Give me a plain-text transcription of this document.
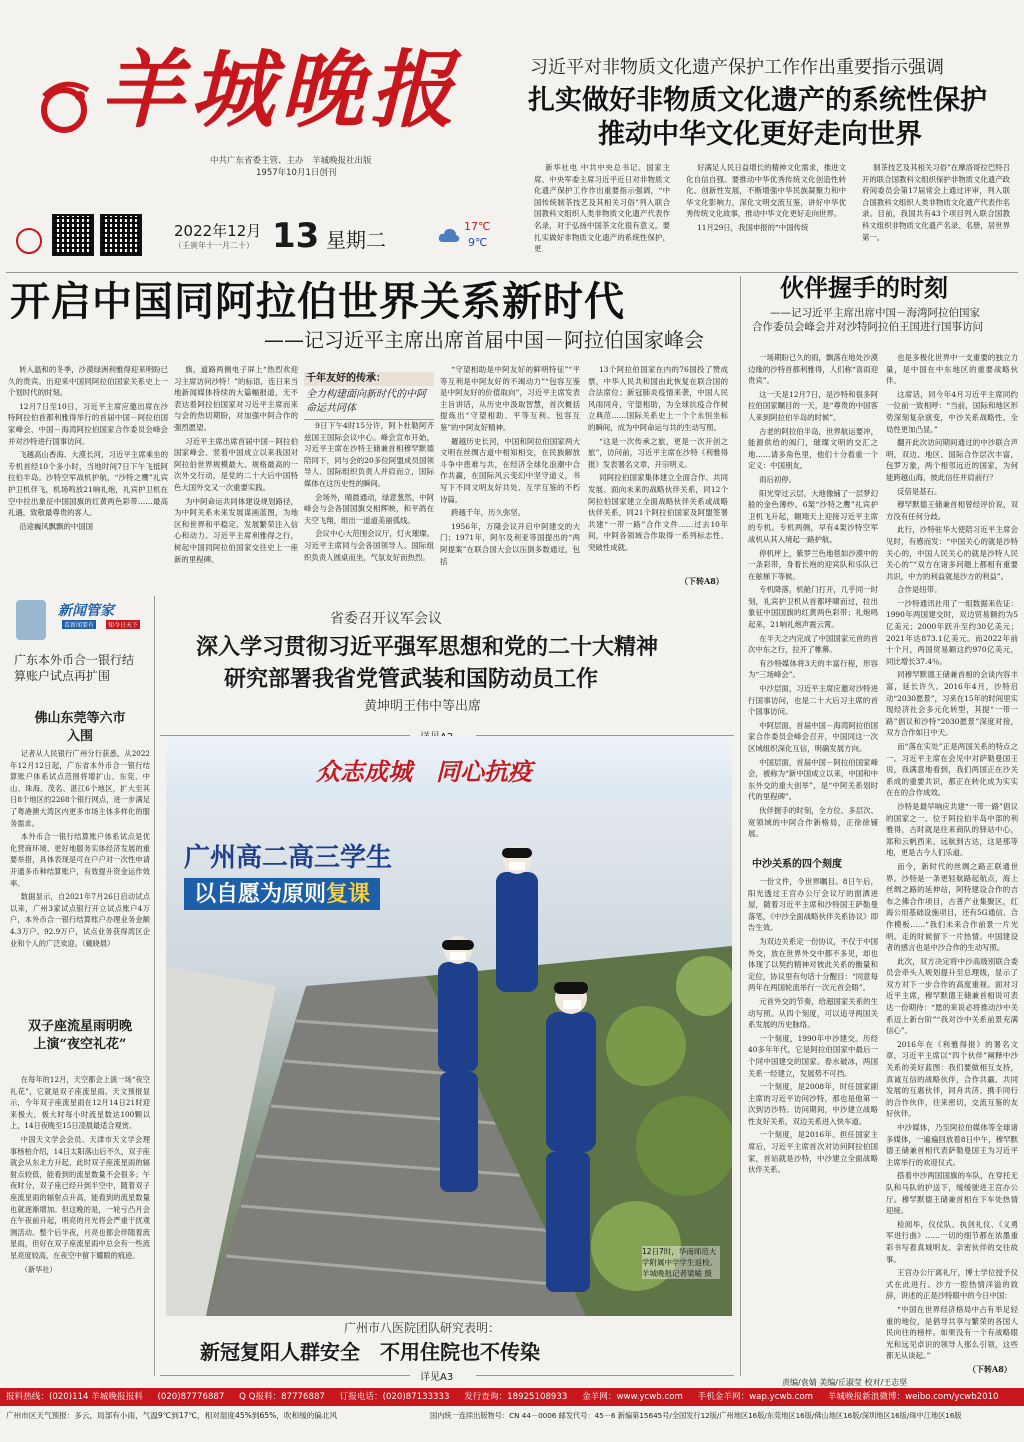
羊城晚报
中共广东省委主管、主办　羊城晚报社出版
1957年10月1日创刊
习近平对非物质文化遗产保护工作作出重要指示强调
扎实做好非物质文化遗产的系统性保护
推动中华文化更好走向世界

新华社电 中共中央总书记、国家主席、中央军委主席习近平近日对非物质文化遗产保护工作作出重要指示强调，“中国传统制茶技艺及其相关习俗”列入联合国教科文组织人类非物质文化遗产代表作名录，对于弘扬中国茶文化很有意义。要扎实做好非物质文化遗产的系统性保护，更

好满足人民日益增长的精神文化需求，推进文化自信自强。要推动中华优秀传统文化创造性转化、创新性发展，不断增强中华民族凝聚力和中华文化影响力，深化文明交流互鉴，讲好中华优秀传统文化故事，推动中华文化更好走向世界。

11月29日，我国申报的“中国传统

制茶技艺及其相关习俗”在摩洛哥拉巴特召开的联合国教科文组织保护非物质文化遗产政府间委员会第17届常会上通过评审，列入联合国教科文组织人类非物质文化遗产代表作名录。目前，我国共有43个项目列入联合国教科文组织非物质文化遗产名录、名册，居世界第一。

2022年12月
（壬寅年十一月二十） 13 星期二
17℃
9℃
开启中国同阿拉伯世界关系新时代
——记习近平主席出席首届中国－阿拉伯国家峰会

转入温和的冬季，沙漠绿洲利雅得迎来明盼已久的贵宾。出迎来中国同阿拉伯国家关系史上一个划时代的时刻。

12月7日至10日，习近平主席应邀出席在沙特阿拉伯首都利雅得举行的首届中国－阿拉伯国家峰会、中国－海湾阿拉伯国家合作委员会峰会并对沙特进行国事访问。

飞越高山香海、大漠长河，习近平主席乘坐的专机首经10个多小时，当地时间7日下午飞抵阿拉伯半岛。沙特空军战机护航，“沙特之鹰”礼宾护卫机伴飞，机场鸣放21响礼炮，礼宾护卫机在空中拉出象征中国国旗的红黄两色彩带……最高礼遇，致敬最尊贵的客人。

沿途巍风飘飘的中国国

旗，道路两侧电子屏上“热烈欢迎习主席访问沙特！”的标语，连日来当地新闻媒体持续的大篇幅报道，无不表达着阿拉伯国家对习近平主席而来与会的热切期盼，对加强中阿合作的强烈愿望。

习近平主席出席首届中国－阿拉伯国家峰会、竖着中国成立以来我国对阿拉伯世界规模最大、规格最高的一次外交行动，是党的二十大后中国特色大国外交又一次重要实践。

为中阿命运共同体建设规划路径，为中阿关系未来发展谋画蓝图，为地区和世界和平稳定、发展繁荣注入信心和动力。习近平主席利雅得之行，树起中国同阿拉伯国家交往史上一座新的里程碑。

千年友好的传承：
全力构建面向新时代的中阿命运共同体

9日下午4时15分许，阿卜杜勒阿齐兹国王国际会议中心。峰会宣布开始，习近平主席在沙特王储兼首相穆罕默德陪同下，同与会的20多位阿盟成员国领导人、国际组织负责人并肩而立，国际媒体在这历史性的瞬间。

会场外，晴晨通动，绿意葱然，中阿峰会与会各国国旗交相辉映，和平鸽在天空飞翔，组出一道道美丽弧线。

会议中心大范围会议厅，灯火璀璨。习近平主席同与会各国领导人、国际组织负责人圆桌而坐，气氛友好而热烈。

“守望相助是中阿友好的鲜明特征”“平等互利是中阿友好的不竭动力”“包容互鉴是中阿友好的价值取向”，习近平主席发表主旨讲话，从历史中汲取智慧，首次概括提炼出“守望相助、平等互利、包容互鉴”的中阿友好精神。

羅越历史长河，中国和阿拉伯国家两大文明在丝绸古道中相知相交，在民族解放斗争中患难与共，在经济全球化浪潮中合作共赢，在国际风云变幻中坚守道义，书写下不同文明友好共处、互学互鉴的不朽诗篇。

跨越千年，历久弥坚。

1956年，万隆会议开启中阿建交的大门；1971年，阿尔及利亚等国提出的“两阿提案”在联合国大会以压倒多数通过，包括

13个阿拉伯国家在内的76国投了赞成票，中华人民共和国由此恢复在联合国的合法席位；新冠肺炎疫情来袭，中国人民风雨同舟，守望相助，为全球抗疫合作树立典范……国际关系史上一个个永恒坐标的瞬间，成为中阿命运与共的生动写照。

“这是一次传承之旅，更是一次开创之旅”，访问前，习近平主席在沙特《利雅得报》发表署名文章，开宗明义。

同阿拉伯国家集体建立全面合作、共同发展、面向未来的战略伙伴关系，同12个阿拉伯国家建立全面战略伙伴关系或战略伙伴关系，同21个阿拉伯国家及阿盟签署共建“一带一路”合作文件……过去10年间，中阿各领域合作取得一系列标志性、突破性成就。

（下转A8）
伙伴握手的时刻
——记习近平主席出席中国－海湾阿拉伯国家
合作委员会峰会并对沙特阿拉伯王国进行国事访问

一场期盼已久的雨，飘落在地处沙漠边缘的沙特首都利雅得，人们称“喜雨迎贵宾”。

这一天是12月7日，是沙特和很多阿拉伯国家瞩目的一天，是“尊贵的中国客人来到阿拉伯半岛的时候”。

古老的阿拉伯半岛，世界航运要冲，能源供给的阀门，璀璨文明的交汇之地……请多角色里，他们十分看重一个定义：中国朋友。

雨后初停。

阳光穿过云层，大地像铺了一层梦幻般的金色薄纱。6架“沙特之鹰”礼宾护卫机飞升起，翱翔天上迎接习近平主席的专机。专机两侧，早有4架沙特空军战机从其入境起一路护航。

停机坪上，紫罗兰色地毯如沙漠中的一条彩带，身着长袍的迎宾队和乐队已在舷梯下等候。

专机降落，机舱门打开，几乎同一时刻，礼宾护卫机从首都呼啸而过，拉出象征中国国旗的红黄两色彩带；礼炮鸣起来，21响礼炮声震云霄。

在半天之内完成了中国国家元首的首次中东之行，拉开了帷幕。

有沙特媒体将3天的丰富行程，形容为“三场峰会”。

中沙层面，习近平主席应邀对沙特进行国事访问，也是二十大后习主席的首个国事访问。

中阿层面，首届中国－海湾阿拉伯国家合作委员会峰会召开，中国同这一次区域组织深化互信，明确发展方向。

中国层面，首届中国－阿拉伯国家峰会，被称为“新中国成立以来，中国和中东外交的重大创举”，是“中阿关系划时代的里程碑”。

伙伴握手的时刻，全方位、多层次、宽领域的中阿合作新格局，正徐徐铺展。

中沙关系的四个刻度

一份文件，令世界瞩目。8日午后，阳光透过王宫办公厅会议厅的窗洒进屋，随着习近平主席和沙特国王萨勒曼落笔，《中沙全面战略伙伴关系协议》即告生效。

为双边关系定一份协议，不仅于中国外交，放在世界外交中都不多见，却也体现了以契约精神对彼此关系的衡量和定位，协议里有句话十分醒目：“同意每两年在两国轮流举行一次元首会晤”。

元首外交的节奏，给超国家关系的生动写照。从四个刻度，可以追寻两国关系发展的历史脉络。

一个刻度，1990年中沙建交。历经40多年年代，它是阿拉伯国家中最后一个同中国建交的国家。春水破冰，两国关系一经建立，发展势不可挡。

一个刻度，是2008年，时任国家副主席的习近平访问沙特，那也是他第一次到访沙特。访问期间，中沙建立战略性友好关系，双边关系进入快车道。

一个刻度，是2016年。担任国家主席后，习近平主席首次对访问阿拉伯国家，首站就是沙特，中沙建立全面战略伙伴关系。

也是多极化世界中一支重要的独立力量，是中国在中东地区的重要战略伙伴。

这席话，同今年4月习近平主席同约一位前一致相呼：“当前，国际和地区形势深刻复杂演变，中沙关系战略性、全局性更加凸显。”

翻开此次访问期间通过的中沙联合声明，双边、地区、国际合作层次丰富，包罗万象，两个相邻远近的国家，为何能跨越山海，彼此信任并肩前行？

反倍是基石。

穆罕默德王储兼首相曾经评价说，双方没有任何分歧。

此行，沙特驻华大使陪习近平主席会见时，有感而发：“中国关心的就是沙特关心的，中国人民关心的就是沙特人民关心的”“双方在诸多问题上都相有重要共识，中方的利益就是沙方的利益”。

合作是纽带。

一沙特通讯社用了一组数据来佐证：1990年两国建交时，双边贸易额约为5亿美元；2000年跃升至约30亿美元；2021年达873.1亿美元。而2022年前十个月，两国贸易额这约970亿美元，同比增长37.4％。

同穆罕默德王储兼首相的会谈内容丰富，延长许久。2016年4月，沙特启动“2030愿景”，习来在15年的时间里实现经济社会多元化转型，其提“一带一路”倡议和沙特“2030愿景”深度对接，双方合作如日中天。

而“落在实处”正是两国关系的特点之一。习近平主席在会见中对萨勒曼国王说，我满意地看到，我们两国正在沙关系成的重要共识，都正在转化成为实实在在的合作成效。

沙特是最早响应共建“一带一路”倡议的国家之一。位于阿拉伯半岛中部的利雅得，古时就是往来商队的驿站中心，郑和云帆西来，远航到古达，这是那等地，更是古今人们乐道。

而今，新时代的丝绸之路正联通世界。沙特是一条更轻航路起航点，海上丝绸之路的延伸站，阿特建设合作的吉布之佛合作项目，古普产业集聚区，红海公用基础设施项目，还有5G通信、合作模板……“我们未来合作前景一片光明。走的时候留下一片热情。中国建设者的感言也是中沙合作的生动写照。

此次，双方决定将中沙高级别联合委员会牵头人规划提升至总理级，显示了双方对下一步合作的高度重视。面对习近平主席，穆罕默德王储兼首相说可表达一份期待：“愿的来说必将推动沙中关系迈上新台阶”“我对沙中关系前景充满信心”。

2016年在《利雅得报》的署名文章，习近平主席以“四个伙伴”阐释中沙关系的美好蓝图：我们要做相互支持，真诚互信的战略伙伴，合作共赢、共同发展的互惠伙伴，同舟共济、携手同行的合作伙伴，往来密切，交流互鉴的友好伙伴。

中沙媒体，乃至阿拉伯媒体等全球诸多媒体，一遍遍回放着8日中午，穆罕默德王储兼首相代表萨勒曼国王为习近平主席举行的欢迎仪式。

搭着中沙两国国旗的车队，在穿托无队和马队的护送下，缓缓驶进王宫办公厅。穆罕默德王储兼首相在下车处热情迎接。

检阅毕，仪仗队、执剑礼仪、《义勇军进行曲》……一切的细节都在浓墨重彩书写着真城明友、亲密伙伴的交往故事。

王宫办公厅离礼厅，博士学位授予仪式在此进行。沙方一腔热情洋溢的致辞，讲述的正是沙特眼中的今日中国：

“中国在世界经济格局中占有举足轻重的地位，是倡导共享与繁荣的各国人民向往的榜样。如果没有一个有战略眼光和远见卓识的领导人那么引领，这些都无从谈起。”

（下转A8）
新闻管家
看新闻要有	知今日天下
广东本外币合一银行结算账户试点再扩围
佛山东莞等六市入围

记者从人民银行广州分行获悉，从2022年12月12日起，广东省本外币合一银行结算账户体系试点范围将增扩山、东莞、中山、珠海、茂名、湛江6个地区，扩大至其日8个地区的2268个银行网点，进一步满足了粤港澳大湾区内更多市场主体多样化的服务需求。

本外币合一银行结算账户体系试点是优化营商环境、更好地服务实体经济发展的重要举措，具体表现是可在户户对一次性申请开通多币种结算账户，有效提升资金运作效率。

数据显示，自2021年7月26日启动试点以来，广州3家试点银行开立试点账户4万户，本外币合一银行结算账户办理业务金额4.3万户、92.9万户，试点业务获得湾区企业和个人的广泛欢迎。（戴晓晨）

双子座流星雨明晚上演“夜空礼花”

在每年的12月，天空都会上演一场“夜空礼花”，它就是双子座流星雨。天文预报显示，今年双子座流星雨在12月14日21时迎来极大，极大时每小时流星数达100颗以上，14日夜晚至15日凌晨最适合观赏。

中国天文学会会员、天津市天文学会理事杨柏介绍，14日太阳落山后不久，双子座就会从东北方升起，此时双子座流星雨的辐射点较低，能看到的流星数量不会很多；午夜时分，双子座已经升到半空中，随着双子座流星雨的辐射点升高，能看到的流星数量也就逐渐增加。但这晚的是，一轮亏凸月会在午夜前升起，明亮的月光将会严重干扰观测活动。整个后半夜，月亮也都会伴随着流星雨，但好在双子座流星雨中总会有一些流星亮度较高，在夜空中留下耀眼的痕迹。

（新华社）

省委召开议军会议
深入学习贯彻习近平强军思想和党的二十大精神
研究部署我省党管武装和国防动员工作
黄坤明王伟中等出席
众志成城　同心抗疫
广州高二高三学生
以自愿为原则复课
12日7时，华南师范大学附属中学学生返校。羊城晚报记者梁喻 摄
广州市八医院团队研究表明：
新冠复阳人群安全　不用住院也不传染
详见A3	责编/袁婧 美编/丘淑莹 校对/王志坚
报料热线：(020)114 羊城晚报报料 (020)87776887 Q Q报料：87776887 订报电话：(020)87133333 发行查询：18925108933 金羊网：www.ycwb.com 手机金羊网：wap.ycwb.com 羊城晚报新浪微博：weibo.com/ycwb2010
广州市区天气预报：多云，局部有小雨，气温9℃到17℃，相对湿度45%到65%，吹和缓的偏北风	国内统一连续出版物号：CN 44－0006 邮发代号：45－6 新编第15645号/全国发行12版/广州地区16版/东莞地区16版/佛山地区16版/深圳地区16版/珠中江地区16版
